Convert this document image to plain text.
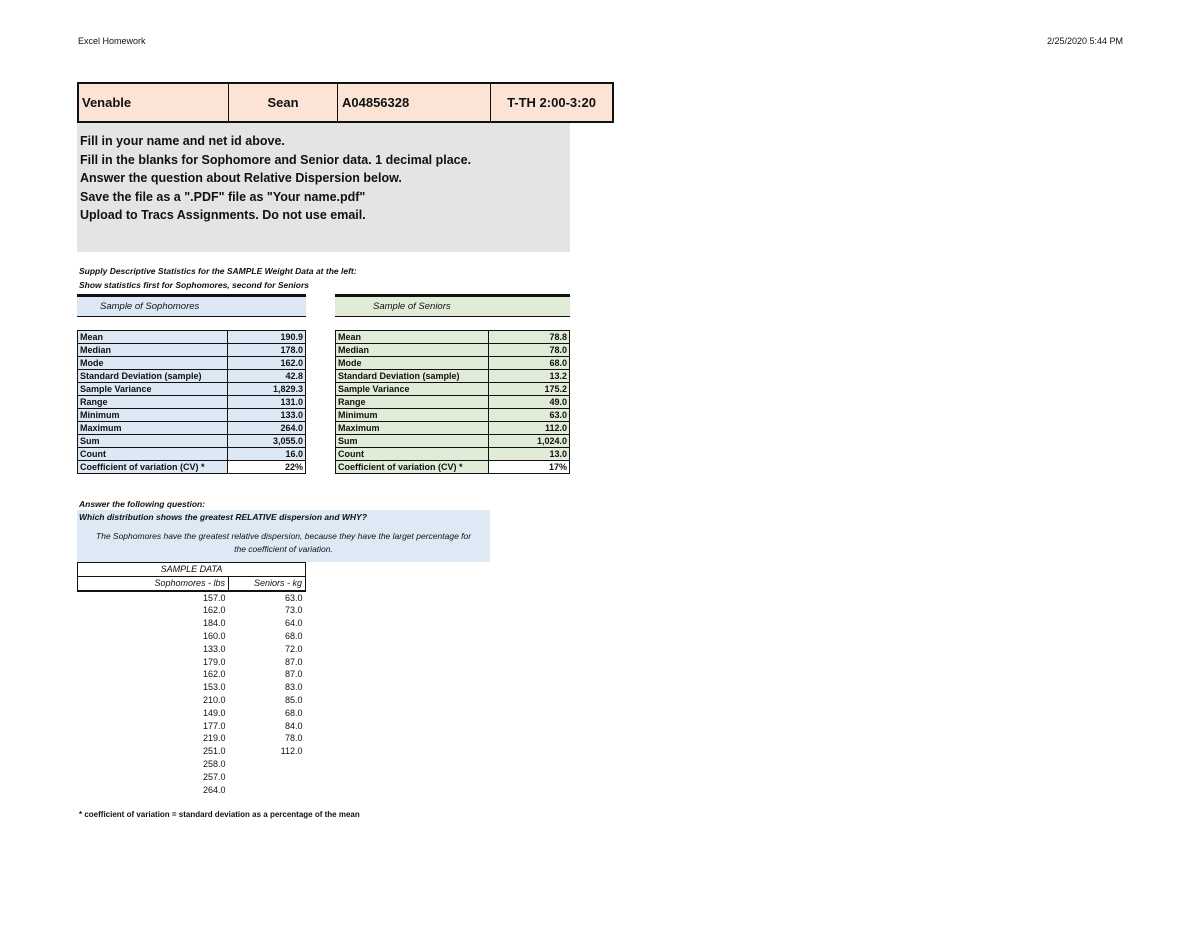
Excel Homework	2/25/2020 5:44 PM
Venable	Sean	A04856328	T-TH 2:00-3:20
Fill in your name and net id above.
Fill in the blanks for Sophomore and Senior data. 1 decimal place.
Answer the question about Relative Dispersion below.
Save the file as a ".PDF" file as "Your name.pdf"
Upload to Tracs Assignments. Do not use email.
Supply Descriptive Statistics for the SAMPLE Weight Data at the left:
Show statistics first for Sophomores, second for Seniors
Sample of Sophomores
Mean	190.9
Median	178.0
Mode	162.0
Standard Deviation (sample)	42.8
Sample Variance	1,829.3
Range	131.0
Minimum	133.0
Maximum	264.0
Sum	3,055.0
Count	16.0
Coefficient of variation (CV) *	22%
Sample of Seniors
Mean	78.8
Median	78.0
Mode	68.0
Standard Deviation (sample)	13.2
Sample Variance	175.2
Range	49.0
Minimum	63.0
Maximum	112.0
Sum	1,024.0
Count	13.0
Coefficient of variation (CV) *	17%
Answer the following question:
Which distribution shows the greatest RELATIVE dispersion and WHY?
The Sophomores have the greatest relative dispersion, because they have the larget percentage for
the coefficient of variation.
SAMPLE DATA	
Sophomores - lbs	Seniors - kg
157.0	63.0
162.0	73.0
184.0	64.0
160.0	68.0
133.0	72.0
179.0	87.0
162.0	87.0
153.0	83.0
210.0	85.0
149.0	68.0
177.0	84.0
219.0	78.0
251.0	112.0
258.0	
257.0	
264.0	
* coefficient of variation = standard deviation as a percentage of the mean
